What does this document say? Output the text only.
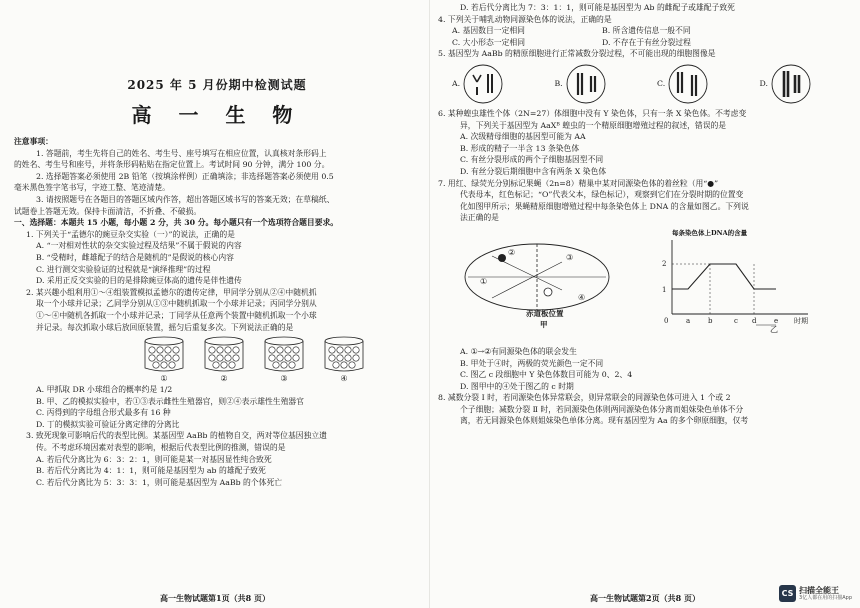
2025 年 5 月份期中检测试题
高 一 生 物

注意事项：

1. 答题前，考生先将自己的姓名、考生号、座号填写在相应位置，认真核对条形码上

的姓名、考生号和座号，并将条形码粘贴在指定位置上。考试时间 90 分钟，满分 100 分。

2. 选择题答案必须使用 2B 铅笔（按填涂样例）正确填涂；非选择题答案必须使用 0.5

毫米黑色签字笔书写，字迹工整、笔迹清楚。

3. 请按照题号在各题目的答题区域内作答，超出答题区域书写的答案无效；在草稿纸、

试题卷上答题无效。保持卡面清洁，不折叠、不破损。

一、选择题：本题共 15 小题，每小题 2 分，共 30 分。每小题只有一个选项符合题目要求。

1. 下列关于“孟德尔的豌豆杂交实验（一）”的说法，正确的是

A. “一对相对性状的杂交实验过程及结果”不属于假说的内容

B. “受精时，雌雄配子的结合是随机的”是假说的核心内容

C. 进行测交实验验证的过程就是“演绎推理”的过程

D. 采用正反交实验的目的是排除豌豆体高的遗传是伴性遗传

2. 某兴趣小组利用①～④组装置模拟孟德尔的遗传定律，甲同学分别从②④中随机抓

取一个小球并记录；乙同学分别从①③中随机抓取一个小球并记录；丙同学分别从

①～④中随机各抓取一个小球并记录；丁同学从任意两个装置中随机抓取一个小球

并记录。每次抓取小球后放回原装置，摇匀后重复多次。下列说法正确的是

①	②	③	④

A. 甲抓取 DR 小球组合的概率约是 1/2

B. 甲、乙的模拟实验中，若①③表示雌性生殖器官，则②④表示雄性生殖器官

C. 丙得到的字母组合形式最多有 16 种

D. 丁的模拟实验可验证分离定律的分离比

3. 致死现象可影响后代的表型比例。某基因型 AaBb 的植物自交，两对等位基因独立遗

传。不考虑环境因素对表型的影响，根据后代表型比例的推测，错误的是

A. 若后代分离比为 6：3：2：1，则可能是某一对基因显性纯合致死

B. 若后代分离比为 4：1：1，则可能是基因型为 ab 的雄配子致死

C. 若后代分离比为 5：3：3：1，则可能是基因型为 AaBb 的个体死亡

高一生物试题第1页（共8 页）

D. 若后代分离比为 7：3：1：1，则可能是基因型为 Ab 的雌配子或雄配子致死

4. 下列关于哺乳动物同源染色体的说法，正确的是

A. 基因数目一定相同	B. 所含遗传信息一般不同
C. 大小形态一定相同	D. 不存在于有丝分裂过程

5. 基因型为 AaBb 的精原细胞进行正常减数分裂过程，不可能出现的细胞图像是

A.	B.	C.	D.

6. 某种蝗虫雄性个体（2N=27）体细胞中没有 Y 染色体，只有一条 X 染色体。不考虑变

异，下列关于基因型为 AaXᴮ 蝗虫的一个精原细胞增殖过程的叙述，错误的是

A. 次级精母细胞的基因型可能为 AA

B. 形成的精子一半含 13 条染色体

C. 有丝分裂形成的两个子细胞基因型不同

D. 有丝分裂后期细胞中含有两条 X 染色体

7. 用红、绿荧光分别标记果蝇（2n=8）精巢中某对同源染色体的着丝粒（用“●”

代表母本，红色标记；“O”代表父本，绿色标记），观察到它们在分裂时期的位置变

化如图甲所示；果蝇精原细胞增殖过程中每条染色体上 DNA 的含量如图乙。下列说

法正确的是

①
②
③
④
赤道板位置
甲
每条染色体上DNA的含量
2
1
0	a	b	c d	e 时期
乙

A. ①→②有同源染色体的联会发生

B. 甲处于④时，两极的荧光颜色一定不同

C. 图乙 c 段细胞中 Y 染色体数目可能为 0、2、4

D. 图甲中的④处于图乙的 c 时期

8. 减数分裂 Ⅰ 时，若同源染色体异常联会，则异常联会的同源染色体可进入 1 个或 2

个子细胞；减数分裂 Ⅱ 时，若同源染色体则两同源染色体分离而姐妹染色单体不分

离，若无同源染色体则姐妹染色单体分离。现有基因型为 Aa 的多个卵原细胞，仅考

高一生物试题第2页（共8 页）	CS 扫描全能王
3亿人都在用的扫描App
